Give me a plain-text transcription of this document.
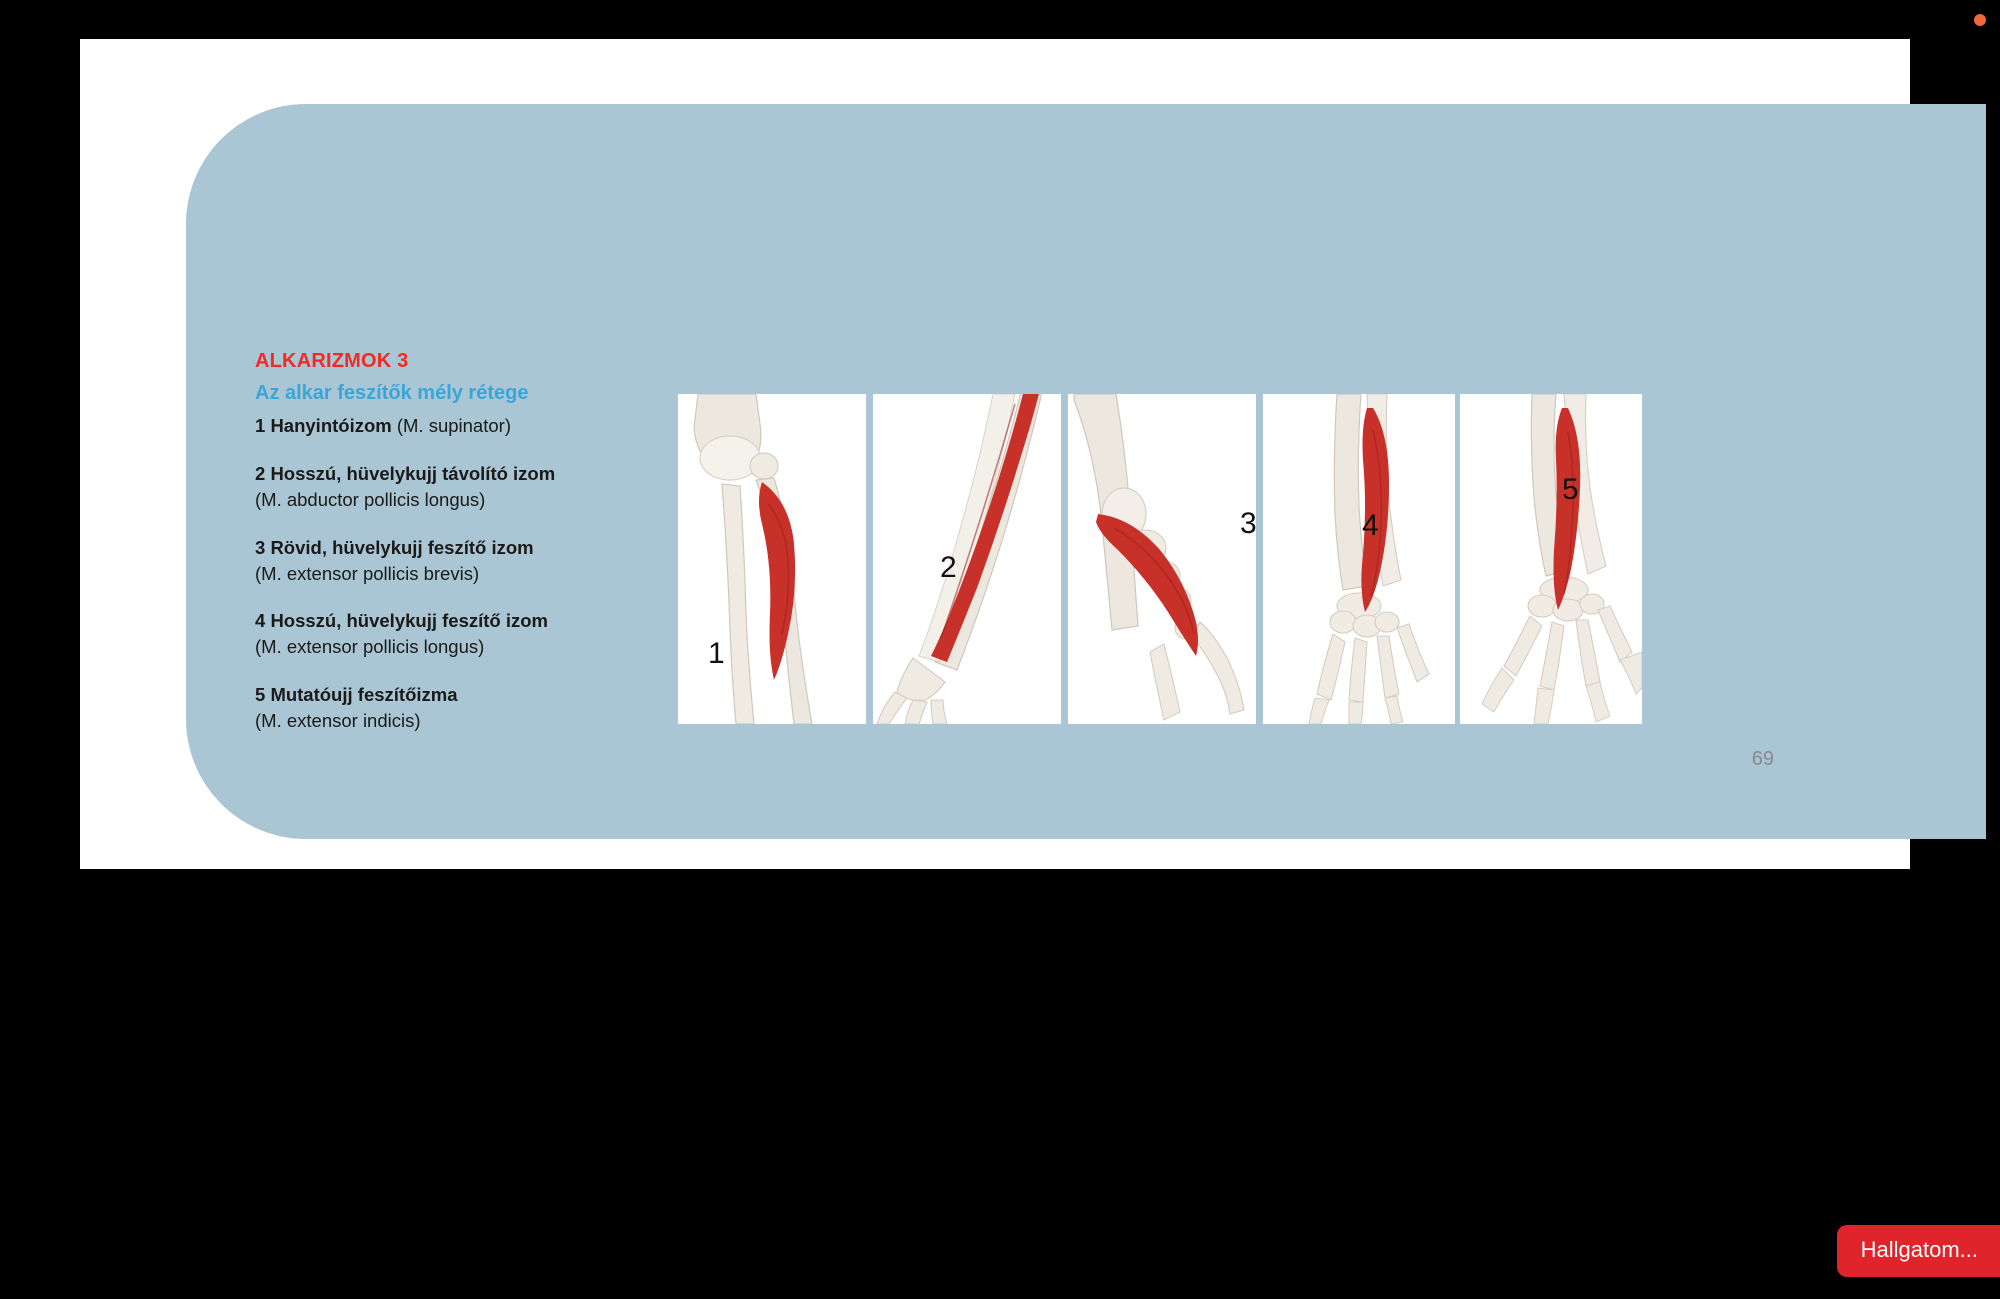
ALKARIZMOK 3
Az alkar feszítők mély rétege

1 Hanyintóizom (M. supinator)

2 Hosszú, hüvelykujj távolító izom
(M. abductor pollicis longus)

3 Rövid, hüvelykujj feszítő izom
(M. extensor pollicis brevis)

4 Hosszú, hüvelykujj feszítő izom
(M. extensor pollicis longus)

5 Mutatóujj feszítőizma
(M. extensor indicis)

1
2
3	4
5
69
Hallgatom...
